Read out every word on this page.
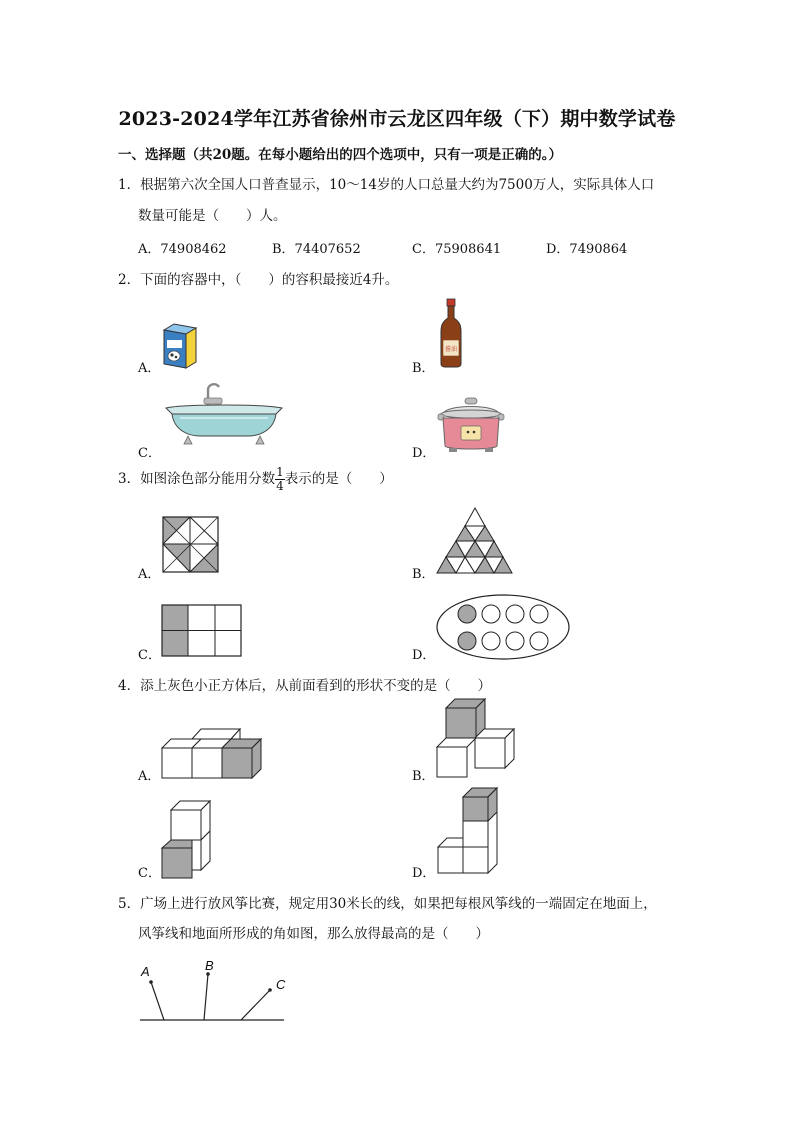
2023-2024学年江苏省徐州市云龙区四年级（下）期中数学试卷
一、选择题（共20题。在每小题给出的四个选项中，只有一项是正确的。）
1．根据第六次全国人口普查显示，10～14岁的人口总量大约为7500万人，实际具体人口
数量可能是（　　）人。
A．74908462	B．74407652	C．75908641	D．7490864
2．下面的容器中，（　　）的容积最接近4升。
A．	B．
C．	D．
酱油
3．如图涂色部分能用分数 $\frac{1}{4}$ 表示的是（　　）
A．	B．
C．	D．
4．添上灰色小正方体后，从前面看到的形状不变的是（　　）
A．	B．
C．	D．
5．广场上进行放风筝比赛，规定用30米长的线，如果把每根风筝线的一端固定在地面上，
风筝线和地面所形成的角如图，那么放得最高的是（　　）
A	B
C
